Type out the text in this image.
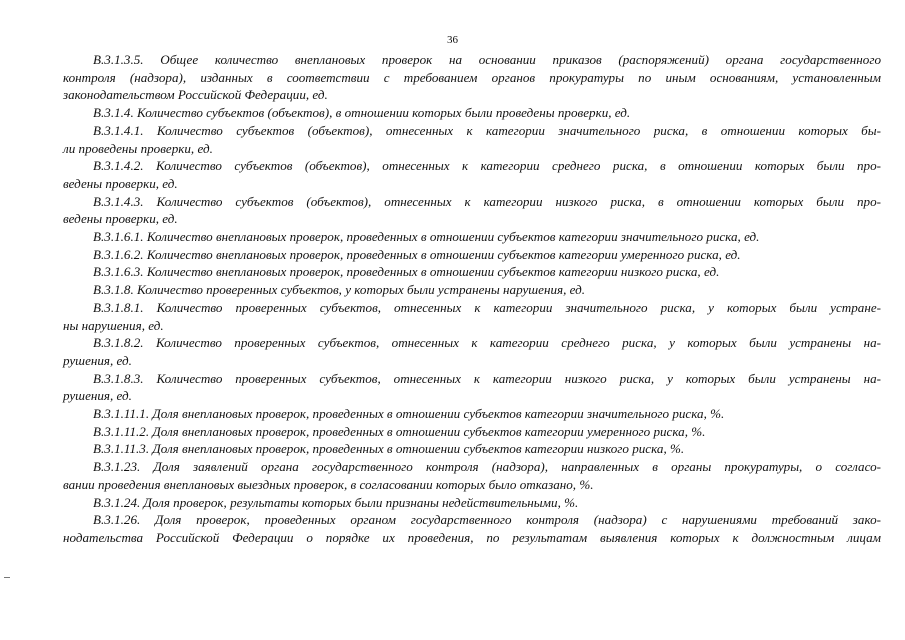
36

В.3.1.3.5. Общее количество внеплановых проверок на основании приказов (распоряжений) органа государственного
контроля (надзора), изданных в соответствии с требованием органов прокуратуры по иным основаниям, установленным
законодательством Российской Федерации, ед.

В.3.1.4. Количество субъектов (объектов), в отношении которых были проведены проверки, ед.

В.3.1.4.1. Количество субъектов (объектов), отнесенных к категории значительного риска, в отношении которых бы-
ли проведены проверки, ед.

В.3.1.4.2. Количество субъектов (объектов), отнесенных к категории среднего риска, в отношении которых были про-
ведены проверки, ед.

В.3.1.4.3. Количество субъектов (объектов), отнесенных к категории низкого риска, в отношении которых были про-
ведены проверки, ед.

В.3.1.6.1. Количество внеплановых проверок, проведенных в отношении субъектов категории значительного риска, ед.

В.3.1.6.2. Количество внеплановых проверок, проведенных в отношении субъектов категории умеренного риска, ед.

В.3.1.6.3. Количество внеплановых проверок, проведенных в отношении субъектов категории низкого риска, ед.

В.3.1.8. Количество проверенных субъектов, у которых были устранены нарушения, ед.

В.3.1.8.1. Количество проверенных субъектов, отнесенных к категории значительного риска, у которых были устране-
ны нарушения, ед.

В.3.1.8.2. Количество проверенных субъектов, отнесенных к категории среднего риска, у которых были устранены на-
рушения, ед.

В.3.1.8.3. Количество проверенных субъектов, отнесенных к категории низкого риска, у которых были устранены на-
рушения, ед.

В.3.1.11.1. Доля внеплановых проверок, проведенных в отношении субъектов категории значительного риска, %.

В.3.1.11.2. Доля внеплановых проверок, проведенных в отношении субъектов категории умеренного риска, %.

В.3.1.11.3. Доля внеплановых проверок, проведенных в отношении субъектов категории низкого риска, %.

В.3.1.23. Доля заявлений органа государственного контроля (надзора), направленных в органы прокуратуры, о согласо-
вании проведения внеплановых выездных проверок, в согласовании которых было отказано, %.

В.3.1.24. Доля проверок, результаты которых были признаны недействительными, %.

В.3.1.26. Доля проверок, проведенных органом государственного контроля (надзора) с нарушениями требований зако-
нодательства Российской Федерации о порядке их проведения, по результатам выявления которых к должностным лицам
